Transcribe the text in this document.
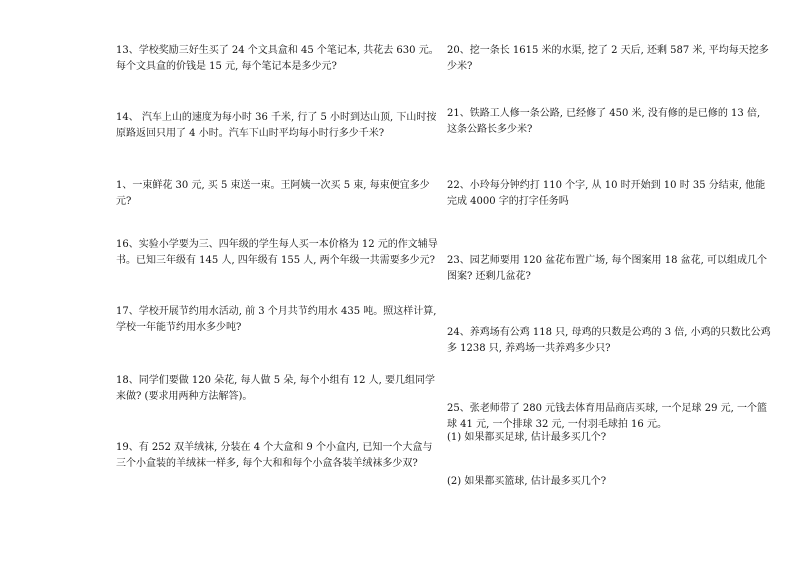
13、学校奖励三好生买了 24 个文具盒和 45 个笔记本, 共花去 630 元。每个文具盒的价钱是 15 元, 每个笔记本是多少元?
14、 汽车上山的速度为每小时 36 千米, 行了 5 小时到达山顶, 下山时按原路返回只用了 4 小时。汽车下山时平均每小时行多少千米?
1、一束鲜花 30 元, 买 5 束送一束。王阿姨一次买 5 束, 每束便宜多少元?
16、实验小学要为三、四年级的学生每人买一本价格为 12 元的作文辅导书。已知三年级有 145 人, 四年级有 155 人, 两个年级一共需要多少元?
17、学校开展节约用水活动, 前 3 个月共节约用水 435 吨。照这样计算, 学校一年能节约用水多少吨?
18、同学们要做 120 朵花, 每人做 5 朵, 每个小组有 12 人, 要几组同学来做? (要求用两种方法解答)。
19、有 252 双羊绒袜, 分装在 4 个大盒和 9 个小盒内, 已知一个大盒与三个小盒装的羊绒袜一样多, 每个大和和每个小盒各装羊绒袜多少双?
20、挖一条长 1615 米的水渠, 挖了 2 天后, 还剩 587 米, 平均每天挖多少米?
21、铁路工人修一条公路, 已经修了 450 米, 没有修的是已修的 13 倍, 这条公路长多少米?
22、小玲每分钟约打 110 个字, 从 10 时开始到 10 时 35 分结束, 他能完成 4000 字的打字任务吗
23、园艺师要用 120 盆花布置广场, 每个图案用 18 盆花, 可以组成几个图案? 还剩几盆花?
24、养鸡场有公鸡 118 只, 母鸡的只数是公鸡的 3 倍, 小鸡的只数比公鸡多 1238 只, 养鸡场一共养鸡多少只?
25、张老师带了 280 元钱去体育用品商店买球, 一个足球 29 元, 一个篮球 41 元, 一个排球 32 元, 一付羽毛球拍 16 元。
(1) 如果都买足球, 估计最多买几个?
(2) 如果都买篮球, 估计最多买几个?
